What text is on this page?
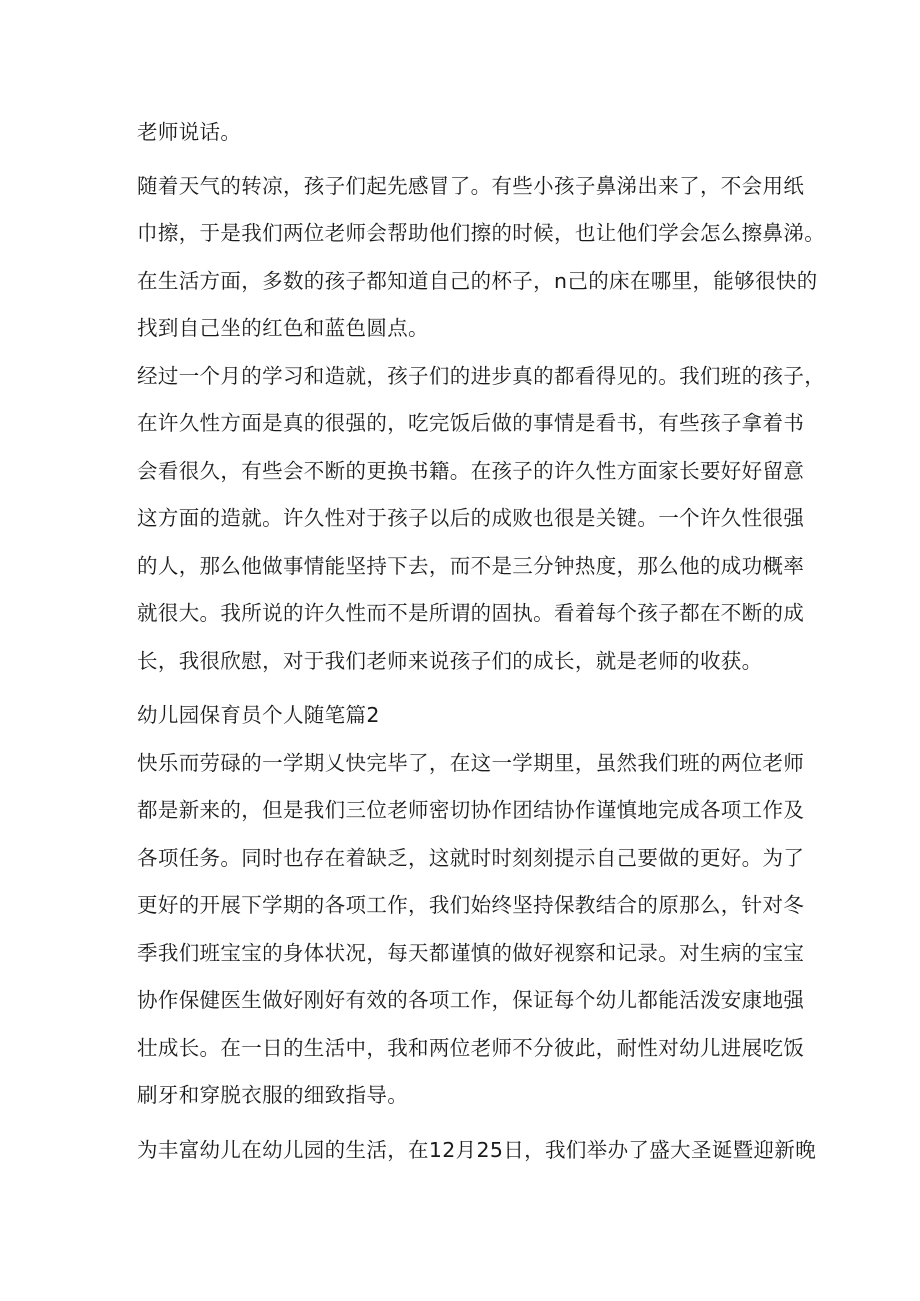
老师说话。

随着天气的转凉，孩子们起先感冒了。有些小孩子鼻涕出来了，不会用纸

巾擦，于是我们两位老师会帮助他们擦的时候，也让他们学会怎么擦鼻涕。

在生活方面，多数的孩子都知道自己的杯子，n己的床在哪里，能够很快的

找到自己坐的红色和蓝色圆点。

经过一个月的学习和造就，孩子们的进步真的都看得见的。我们班的孩子，

在许久性方面是真的很强的，吃完饭后做的事情是看书，有些孩子拿着书

会看很久，有些会不断的更换书籍。在孩子的许久性方面家长要好好留意

这方面的造就。许久性对于孩子以后的成败也很是关键。一个许久性很强

的人，那么他做事情能坚持下去，而不是三分钟热度，那么他的成功概率

就很大。我所说的许久性而不是所谓的固执。看着每个孩子都在不断的成

长，我很欣慰，对于我们老师来说孩子们的成长，就是老师的收获。

幼儿园保育员个人随笔篇2

快乐而劳碌的一学期乂快完毕了，在这一学期里，虽然我们班的两位老师

都是新来的，但是我们三位老师密切协作团结协作谨慎地完成各项工作及

各项任务。同时也存在着缺乏，这就时时刻刻提示自己要做的更好。为了

更好的开展下学期的各项工作，我们始终坚持保教结合的原那么，针对冬

季我们班宝宝的身体状况，每天都谨慎的做好视察和记录。对生病的宝宝

协作保健医生做好刚好有效的各项工作，保证每个幼儿都能活泼安康地强

壮成长。在一日的生活中，我和两位老师不分彼此，耐性对幼儿进展吃饭

刷牙和穿脱衣服的细致指导。

为丰富幼儿在幼儿园的生活，在12月25日，我们举办了盛大圣诞暨迎新晚
